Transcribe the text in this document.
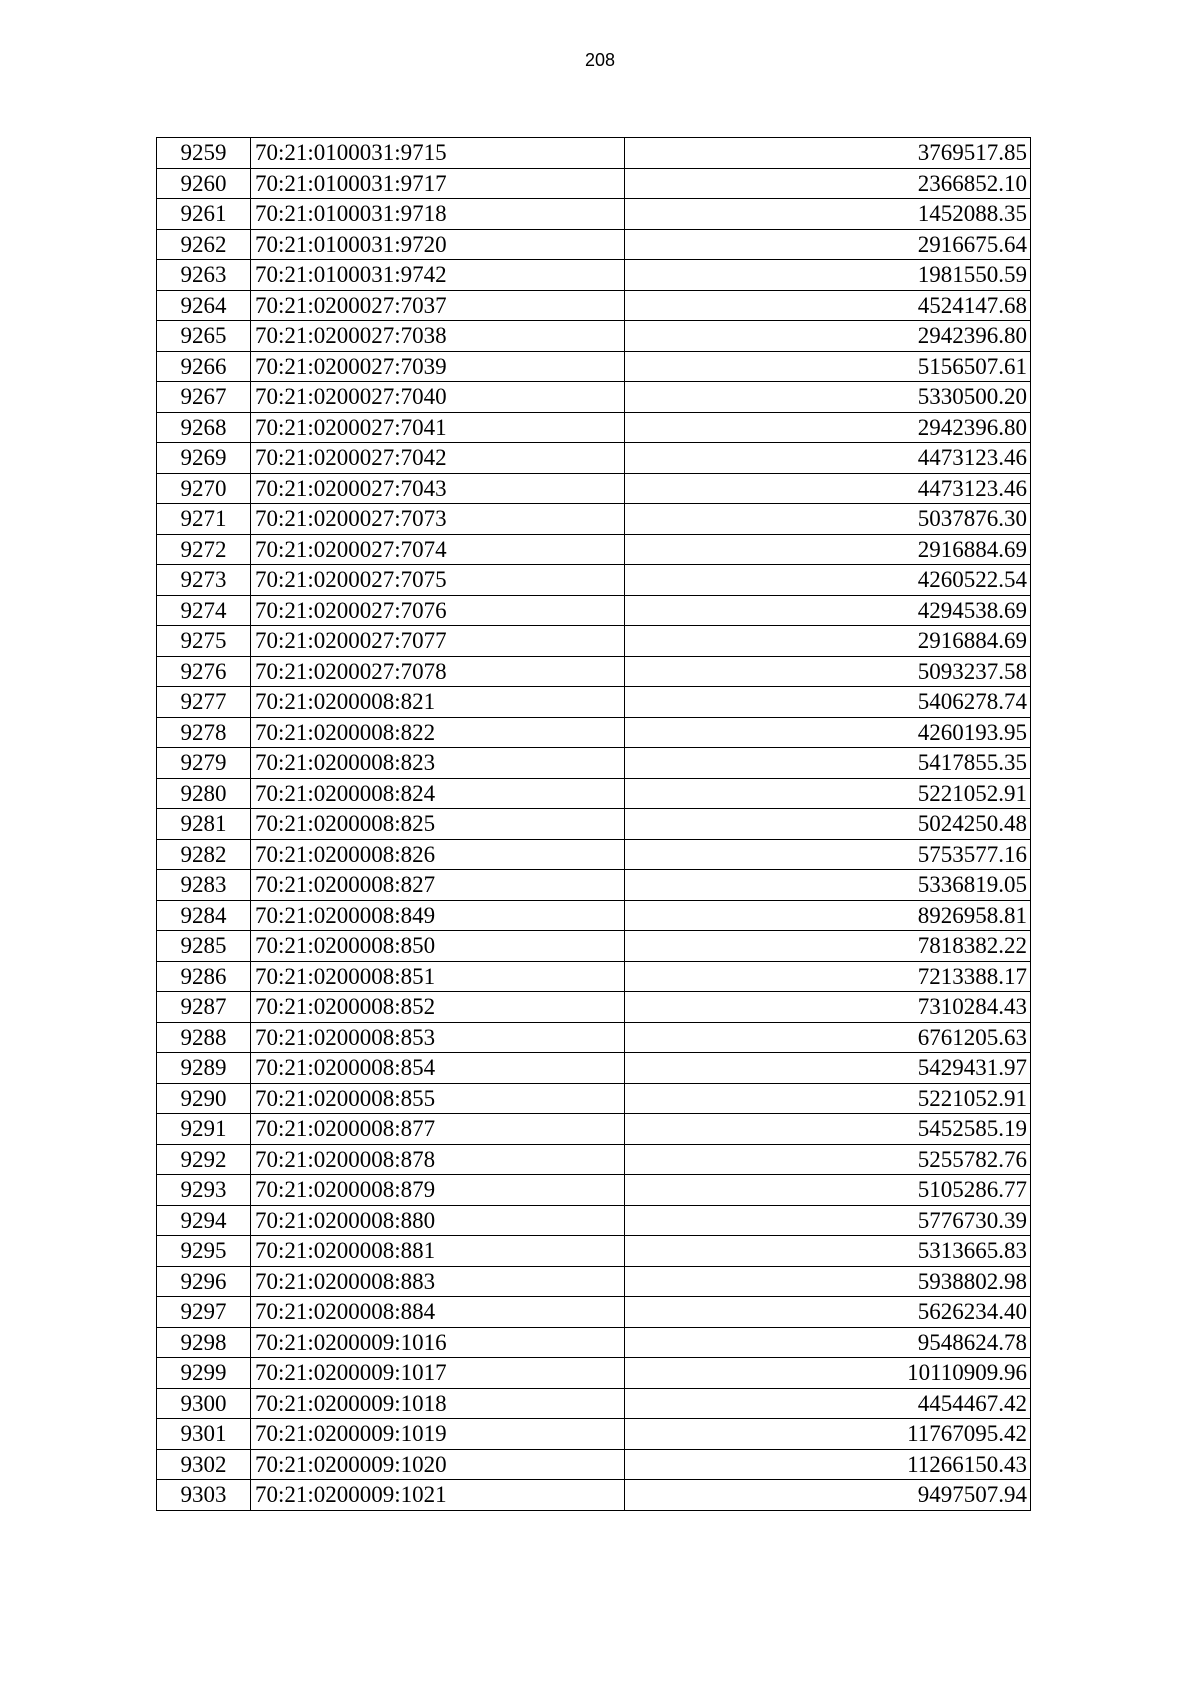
208
9259	70:21:0100031:9715	3769517.85
9260	70:21:0100031:9717	2366852.10
9261	70:21:0100031:9718	1452088.35
9262	70:21:0100031:9720	2916675.64
9263	70:21:0100031:9742	1981550.59
9264	70:21:0200027:7037	4524147.68
9265	70:21:0200027:7038	2942396.80
9266	70:21:0200027:7039	5156507.61
9267	70:21:0200027:7040	5330500.20
9268	70:21:0200027:7041	2942396.80
9269	70:21:0200027:7042	4473123.46
9270	70:21:0200027:7043	4473123.46
9271	70:21:0200027:7073	5037876.30
9272	70:21:0200027:7074	2916884.69
9273	70:21:0200027:7075	4260522.54
9274	70:21:0200027:7076	4294538.69
9275	70:21:0200027:7077	2916884.69
9276	70:21:0200027:7078	5093237.58
9277	70:21:0200008:821	5406278.74
9278	70:21:0200008:822	4260193.95
9279	70:21:0200008:823	5417855.35
9280	70:21:0200008:824	5221052.91
9281	70:21:0200008:825	5024250.48
9282	70:21:0200008:826	5753577.16
9283	70:21:0200008:827	5336819.05
9284	70:21:0200008:849	8926958.81
9285	70:21:0200008:850	7818382.22
9286	70:21:0200008:851	7213388.17
9287	70:21:0200008:852	7310284.43
9288	70:21:0200008:853	6761205.63
9289	70:21:0200008:854	5429431.97
9290	70:21:0200008:855	5221052.91
9291	70:21:0200008:877	5452585.19
9292	70:21:0200008:878	5255782.76
9293	70:21:0200008:879	5105286.77
9294	70:21:0200008:880	5776730.39
9295	70:21:0200008:881	5313665.83
9296	70:21:0200008:883	5938802.98
9297	70:21:0200008:884	5626234.40
9298	70:21:0200009:1016	9548624.78
9299	70:21:0200009:1017	10110909.96
9300	70:21:0200009:1018	4454467.42
9301	70:21:0200009:1019	11767095.42
9302	70:21:0200009:1020	11266150.43
9303	70:21:0200009:1021	9497507.94
